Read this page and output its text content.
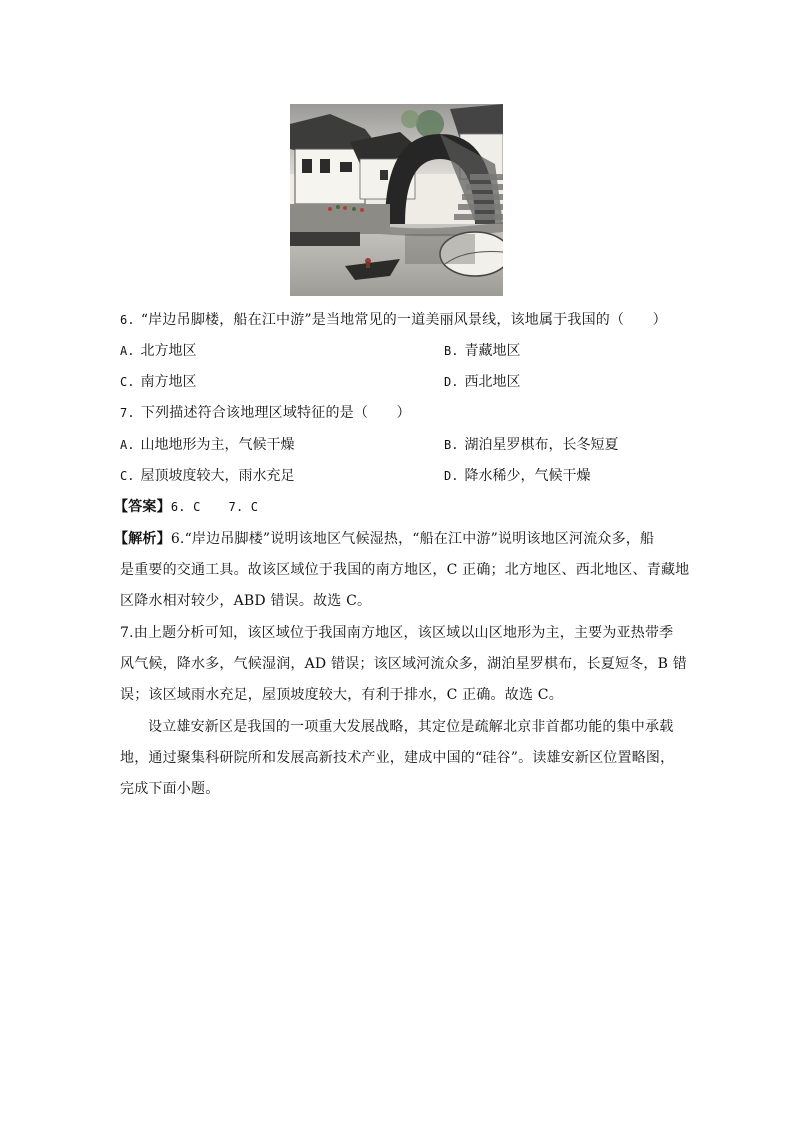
6. “岸边吊脚楼，船在江中游”是当地常见的一道美丽风景线，该地属于我国的（　　）
A. 北方地区	B. 青藏地区
C. 南方地区	D. 西北地区
7. 下列描述符合该地理区域特征的是（　　）
A. 山地地形为主，气候干燥	B. 湖泊星罗棋布，长冬短夏
C. 屋顶坡度较大，雨水充足	D. 降水稀少，气候干燥
【答案】6. C 7. C
【解析】6.“岸边吊脚楼”说明该地区气候湿热，“船在江中游”说明该地区河流众多，船
是重要的交通工具。故该区域位于我国的南方地区，C 正确；北方地区、西北地区、青藏地
区降水相对较少，ABD 错误。故选 C。
7.由上题分析可知，该区域位于我国南方地区，该区域以山区地形为主，主要为亚热带季
风气候，降水多，气候湿润，AD 错误；该区域河流众多，湖泊星罗棋布，长夏短冬，B 错
误；该区域雨水充足，屋顶坡度较大，有利于排水，C 正确。故选 C。
设立雄安新区是我国的一项重大发展战略，其定位是疏解北京非首都功能的集中承载
地，通过聚集科研院所和发展高新技术产业，建成中国的“硅谷”。读雄安新区位置略图，
完成下面小题。
